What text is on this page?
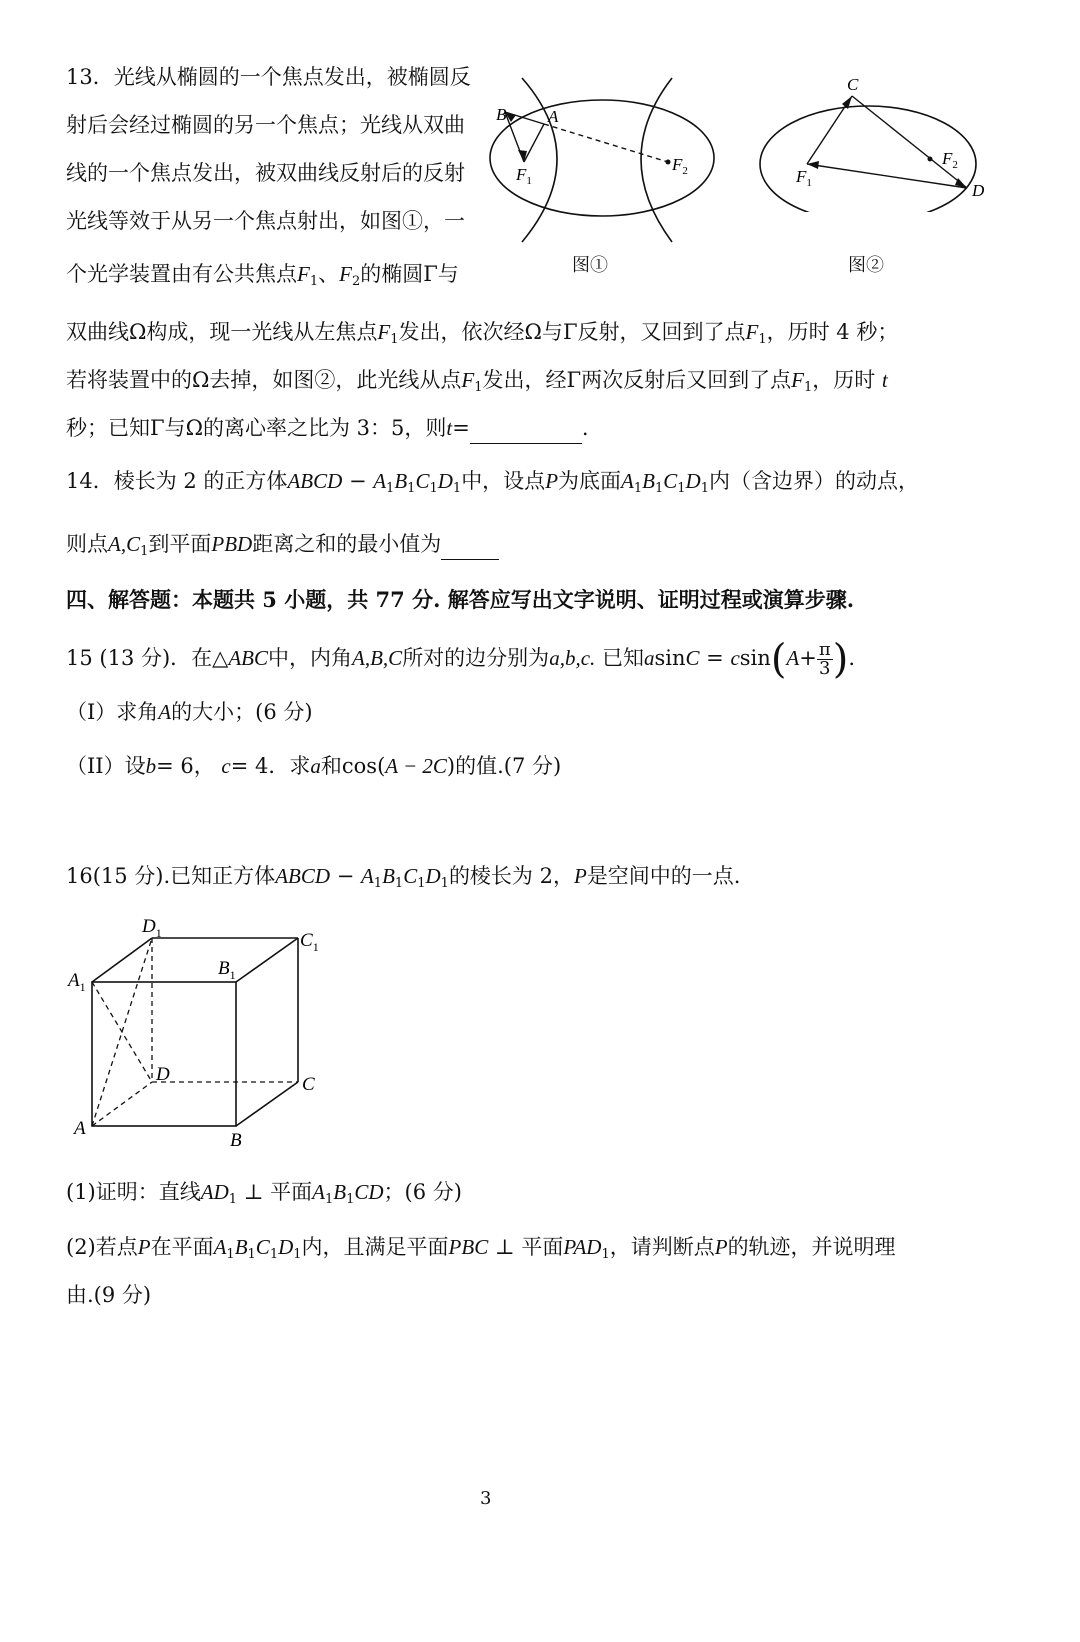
13．光线从椭圆的一个焦点发出，被椭圆反
射后会经过椭圆的另一个焦点；光线从双曲
线的一个焦点发出，被双曲线反射后的反射
光线等效于从另一个焦点射出，如图①，一
个光学装置由有公共焦点$F_1$、$F_2$的椭圆Γ与
双曲线Ω构成，现一光线从左焦点$F_1$发出，依次经Ω与Γ反射，又回到了点$F_1$，历时 4 秒；
若将装置中的Ω去掉，如图②，此光线从点$F_1$发出，经Γ两次反射后又回到了点$F_1$，历时 t
秒；已知Γ与Ω的离心率之比为 3：5，则t=	.
B A
$F_1$
$F_2$
图①
C
D
$F_1$
$F_2$
图②
14．棱长为 2 的正方体ABCD − $A_1B_1C_1D_1$中，设点P为底面$A_1B_1C_1D_1$内（含边界）的动点，
则点$A,C_1$到平面PBD距离之和的最小值为
四、解答题：本题共 5 小题，共 77 分. 解答应写出文字说明、证明过程或演算步骤.
15 (13 分)．在△ABC中，内角A,B,C所对的边分别为a,b,c. 已知$asinC = csin(A+ \frac{\pi}{3}$ ).
（I）求角A的大小；(6 分)
（II）设b= 6， c= 4．求a和cos(A − 2C)的值.(7 分)
16(15 分).已知正方体ABCD − $A_1B_1C_1D_1$的棱长为 2，P是空间中的一点.
$A_1$
$D_1$	$C_1$
$B_1$
D	C
A
B
(1)证明：直线$AD_1$ ⊥ 平面$A_1B_1CD$；(6 分)
(2)若点P在平面$A_1B_1C_1D_1$内，且满足平面PBC ⊥ 平面$PAD_1$，请判断点P的轨迹，并说明理
由.(9 分)
3
